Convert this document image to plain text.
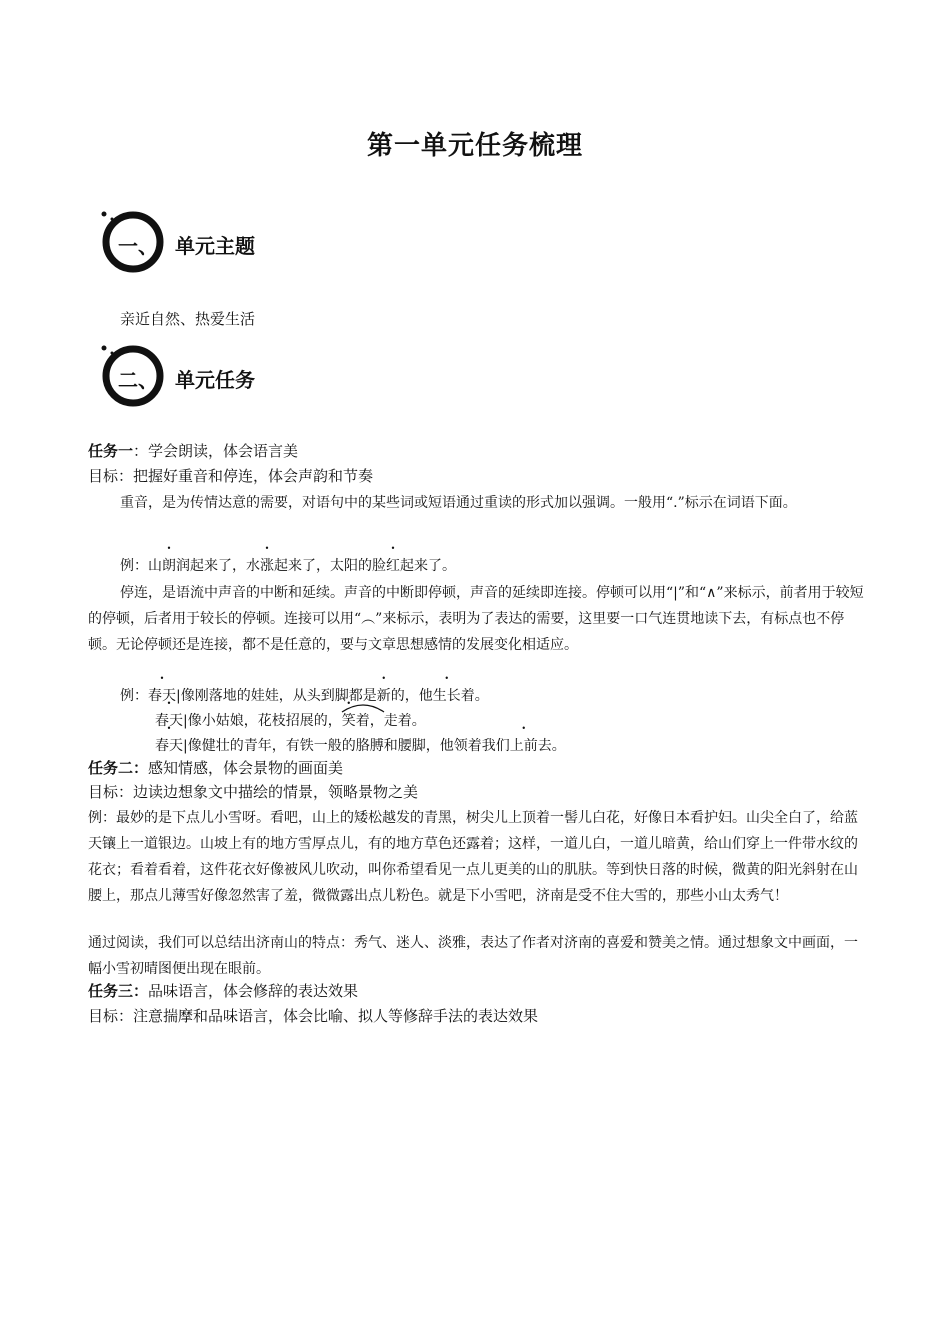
第一单元任务梳理
一、 单元主题
亲近自然、热爱生活
二、 单元任务
任务一：学会朗读，体会语言美
目标：把握好重音和停连，体会声韵和节奏
重音，是为传情达意的需要，对语句中的某些词或短语通过重读的形式加以强调。一般用“.”标示在词语下面。
例：山朗润起来了，水涨起来了，太阳的脸红起来了。
停连，是语流中声音的中断和延续。声音的中断即停顿，声音的延续即连接。停顿可以用“|”和“∧”来标示，前者用于较短的停顿，后者用于较长的停顿。连接可以用“︵”来标示，表明为了表达的需要，这里要一口气连贯地读下去，有标点也不停顿。无论停顿还是连接，都不是任意的，要与文章思想感情的发展变化相适应。
例：春天|像刚落地的娃娃，从头到脚都是新的，他生长着。
春天|像小姑娘，花枝招展的，笑着，走着。
春天|像健壮的青年，有铁一般的胳膊和腰脚，他领着我们上前去。
任务二：感知情感，体会景物的画面美
目标：边读边想象文中描绘的情景，领略景物之美
例：最妙的是下点儿小雪呀。看吧，山上的矮松越发的青黑，树尖儿上顶着一髻儿白花，好像日本看护妇。山尖全白了，给蓝天镶上一道银边。山坡上有的地方雪厚点儿，有的地方草色还露着；这样，一道儿白，一道儿暗黄，给山们穿上一件带水纹的花衣；看着看着，这件花衣好像被风儿吹动，叫你希望看见一点儿更美的山的肌肤。等到快日落的时候，微黄的阳光斜射在山腰上，那点儿薄雪好像忽然害了羞，微微露出点儿粉色。就是下小雪吧，济南是受不住大雪的，那些小山太秀气！
通过阅读，我们可以总结出济南山的特点：秀气、迷人、淡雅，表达了作者对济南的喜爱和赞美之情。通过想象文中画面，一幅小雪初晴图便出现在眼前。
任务三：品味语言，体会修辞的表达效果
目标：注意揣摩和品味语言，体会比喻、拟人等修辞手法的表达效果
